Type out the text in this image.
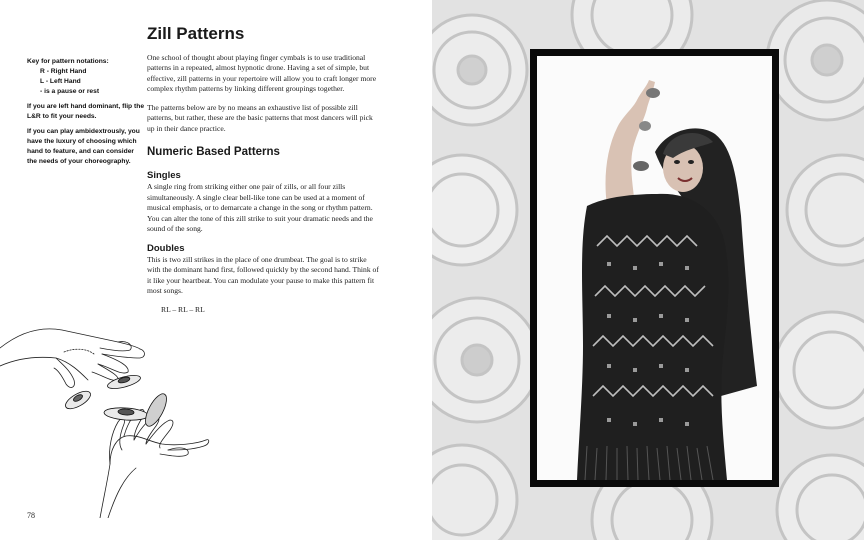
Key for pattern notations:

R - Right Hand
L - Left Hand
- is a pause or rest

If you are left hand dominant, flip the L&R to fit your needs.

If you can play ambidextrously, you have the luxury of choosing which hand to feature, and can consider the needs of your choreography.

Zill Patterns

One school of thought about playing finger cymbals is to use traditional patterns in a repeated, almost hypnotic drone. Having a set of simple, but effective, zill patterns in your repertoire will allow you to craft longer more complex rhythm patterns by linking different groupings together.

The patterns below are by no means an exhaustive list of possible zill patterns, but rather, these are the basic patterns that most dancers will pick up in their dance practice.

Numeric Based Patterns
Singles

A single ring from striking either one pair of zills, or all four zills simultaneously. A single clear bell-like tone can be used at a moment of musical emphasis, or to demarcate a change in the song or rhythm pattern. You can alter the tone of this zill strike to suit your dramatic needs and the sound of the song.

Doubles

This is two zill strikes in the place of one drumbeat. The goal is to strike with the dominant hand first, followed quickly by the second hand. Think of it like your heartbeat. You can modulate your pause to make this pattern fit most songs.

RL – RL – RL
78
